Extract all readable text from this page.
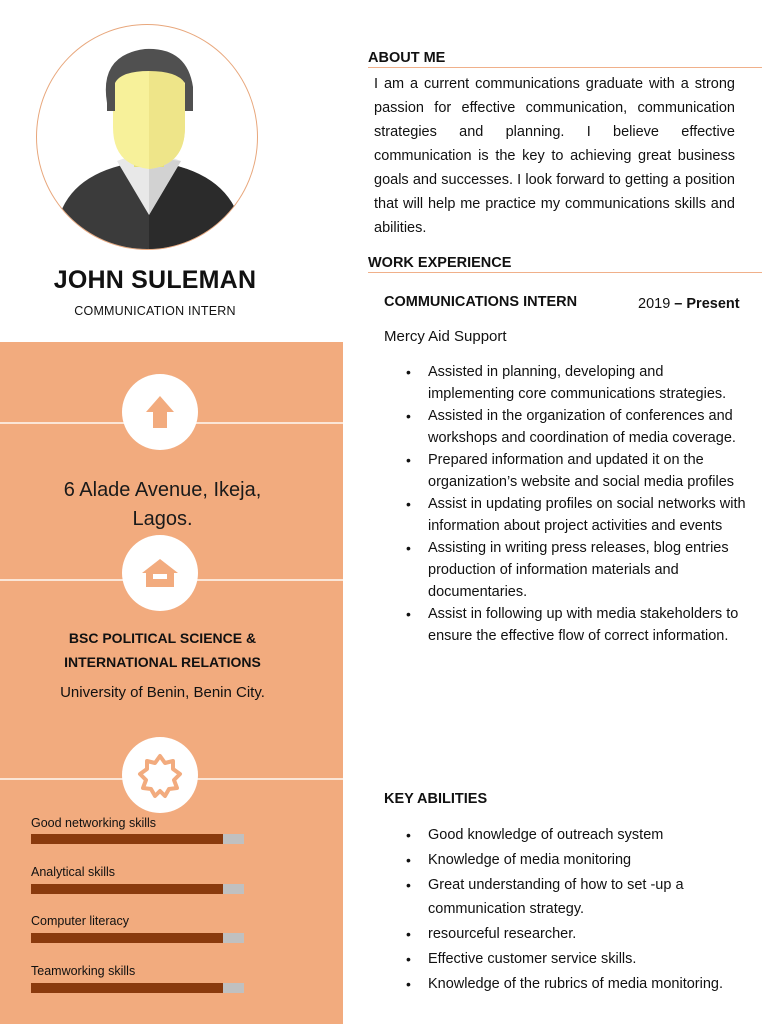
JOHN SULEMAN
COMMUNICATION INTERN
6 Alade Avenue, Ikeja,
Lagos.
BSC POLITICAL SCIENCE &
INTERNATIONAL RELATIONS
University of Benin, Benin City.
Good networking skills
Analytical skills
Computer literacy
Teamworking skills
ABOUT ME

I am a current communications graduate with a strong passion for effective communication, communication strategies and planning. I believe effective communication is the key to achieving great business goals and successes. I look forward to getting a position that will help me practice my communications skills and abilities.

WORK EXPERIENCE
COMMUNICATIONS INTERN	2019 – Present
Mercy Aid Support
• Assisted in planning, developing and implementing core communications strategies.
• Assisted in the organization of conferences and workshops and coordination of media coverage.
• Prepared information and updated it on the organization’s website and social media profiles
• Assist in updating profiles on social networks with information about project activities and events
• Assisting in writing press releases, blog entries production of information materials and documentaries.
• Assist in following up with media stakeholders to ensure the effective flow of correct information.
KEY ABILITIES
• Good knowledge of outreach system
• Knowledge of media monitoring
• Great understanding of how to set -up a communication strategy.
• resourceful researcher.
• Effective customer service skills.
• Knowledge of the rubrics of media monitoring.
